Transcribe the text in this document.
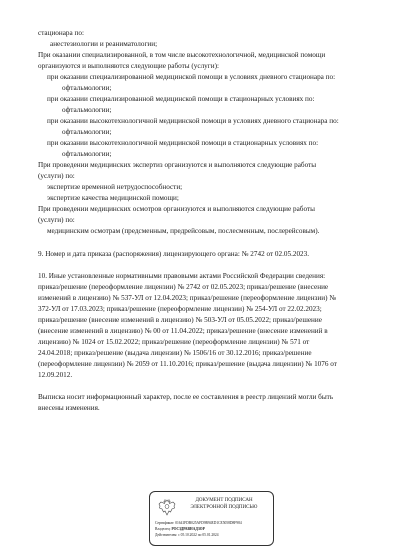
стационара по:
анестезиологии и реаниматологии;
При оказании специализированной, в том числе высокотехнологичной, медицинской помощи
организуются и выполняются следующие работы (услуги):
при оказании специализированной медицинской помощи в условиях дневного стационара по:
офтальмологии;
при оказании специализированной медицинской помощи в стационарных условиях по:
офтальмологии;
при оказании высокотехнологичной медицинской помощи в условиях дневного стационара по:
офтальмологии;
при оказании высокотехнологичной медицинской помощи в стационарных условиях по:
офтальмологии;
При проведении медицинских экспертиз организуются и выполняются следующие работы
(услуги) по:
экспертизе временной нетрудоспособности;
экспертизе качества медицинской помощи;
При проведении медицинских осмотров организуются и выполняются следующие работы
(услуги) по:
медицинским осмотрам (предсменным, предрейсовым, послесменным, послерейсовым).
9. Номер и дата приказа (распоряжения) лицензирующего органа: № 2742 от 02.05.2023.
10. Иные установленные нормативными правовыми актами Российской Федерации сведения:
приказ/решение (переоформление лицензии) № 2742 от 02.05.2023; приказ/решение (внесение
изменений в лицензию) № 537-УЛ от 12.04.2023; приказ/решение (переоформление лицензии) №
372-УЛ от 17.03.2023; приказ/решение (переоформление лицензии) № 254-УЛ от 22.02.2023;
приказ/решение (внесение изменений в лицензию) № 503-УЛ от 05.05.2022; приказ/решение
(внесение изменений в лицензию) № 00 от 11.04.2022; приказ/решение (внесение изменений в
лицензию) № 1024 от 15.02.2022; приказ/решение (переоформление лицензии) № 571 от
24.04.2018; приказ/решение (выдача лицензии) № 1506/16 от 30.12.2016; приказ/решение
(переоформление лицензии) № 2059 от 11.10.2016; приказ/решение (выдача лицензии) № 1076 от
12.09.2012.
Выписка носит информационный характер, после ее составления в реестр лицензий могли быть
внесены изменения.
ДОКУМЕНТ ПОДПИСАН
ЭЛЕКТРОННОЙ ПОДПИСЬЮ
Сертификат: 01641FDB025AFD9B94ED1CE5058D8F984
Владелец: РОСЗДРАВНАДЗОР
Действителен: с 05.10.2022 по 05.01.2024
